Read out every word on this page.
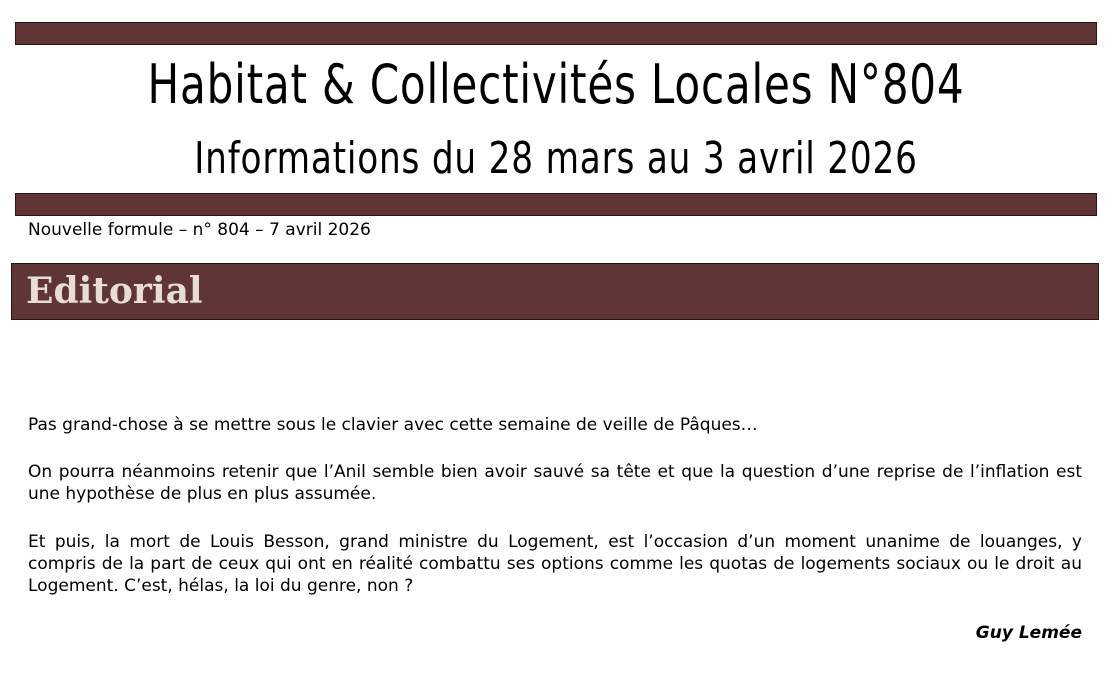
Habitat & Collectivités Locales N°804
Informations du 28 mars au 3 avril 2026
Nouvelle formule – n° 804 – 7 avril 2026
Editorial

Pas grand-chose à se mettre sous le clavier avec cette semaine de veille de Pâques…

On pourra néanmoins retenir que l’Anil semble bien avoir sauvé sa tête et que la question d’une reprise de l’inflation est une hypothèse de plus en plus assumée.

Et puis, la mort de Louis Besson, grand ministre du Logement, est l’occasion d’un moment unanime de louanges, y compris de la part de ceux qui ont en réalité combattu ses options comme les quotas de logements sociaux ou le droit au Logement. C’est, hélas, la loi du genre, non ?

Guy Lemée
